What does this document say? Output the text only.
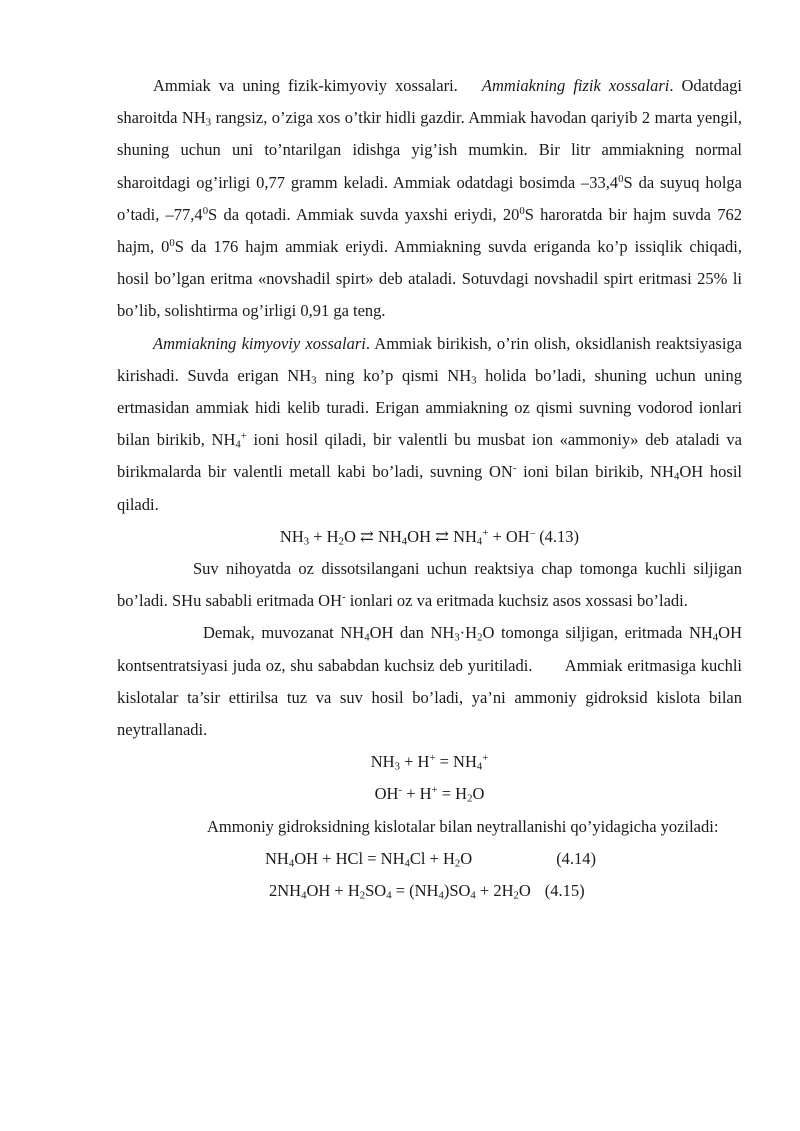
Ammiak va uning fizik-kimyoviy xossalari. Ammiakning fizik xossalari. Odatdagi sharoitda $NH_3$ rangsiz, o’ziga xos o’tkir hidli gazdir. Ammiak havodan qariyib 2 marta yengil, shuning uchun uni to’ntarilgan idishga yig’ish mumkin. Bir litr ammiakning normal sharoitdagi og’irligi 0,77 gramm keladi. Ammiak odatdagi bosimda –33,4$^0$S da suyuq holga o’tadi, –77,4$^0$S da qotadi. Ammiak suvda yaxshi eriydi, $20^0S$ haroratda bir hajm suvda 762 hajm, $0^0S$ da 176 hajm ammiak eriydi. Ammiakning suvda eriganda ko’p issiqlik chiqadi, hosil bo’lgan eritma «novshadil spirt» deb ataladi. Sotuvdagi novshadil spirt eritmasi 25% li bo’lib, solishtirma og’irligi 0,91 ga teng.

Ammiakning kimyoviy xossalari. Ammiak birikish, o’rin olish, oksidlanish reaktsiyasiga kirishadi. Suvda erigan $NH_3$ ning ko’p qismi $NH_3$ holida bo’ladi, shuning uchun uning ertmasidan ammiak hidi kelib turadi. Erigan ammiakning oz qismi suvning vodorod ionlari bilan birikib, $NH_4^+$ ioni hosil qiladi, bir valentli bu musbat ion «ammoniy» deb ataladi va birikmalarda bir valentli metall kabi bo’ladi, suvning ON- ioni bilan birikib, $NH_4OH$ hosil qiladi.

$NH_3 + H_2O$ ⇄ $NH_4OH$ ⇄ $NH_4^+ + OH^-$ (4.13)

Suv nihoyatda oz dissotsilangani uchun reaktsiya chap tomonga kuchli siljigan bo’ladi. SHu sababli eritmada OH- ionlari oz va eritmada kuchsiz asos xossasi bo’ladi.

Demak, muvozanat $NH_4OH$ dan $NH_3\cdot H_2O$ tomonga siljigan, eritmada $NH_4OH$ kontsentratsiyasi juda oz, shu sababdan kuchsiz deb yuritiladi.       Ammiak eritmasiga kuchli kislotalar ta’sir ettirilsa tuz va suv hosil bo’ladi, ya’ni ammoniy gidroksid kislota bilan neytrallanadi.

$NH_3 + H^+ = NH_4^+$

$OH^- + H^+ = H_2O$

Ammoniy gidroksidning kislotalar bilan neytrallanishi qo’yidagicha yoziladi:

$NH_4OH$ + HCl = $NH_4Cl + H_2O$	(4.14)
$2NH_4OH + H_2SO_4 = (NH_4)SO_4 + 2H_2O$ (4.15)
